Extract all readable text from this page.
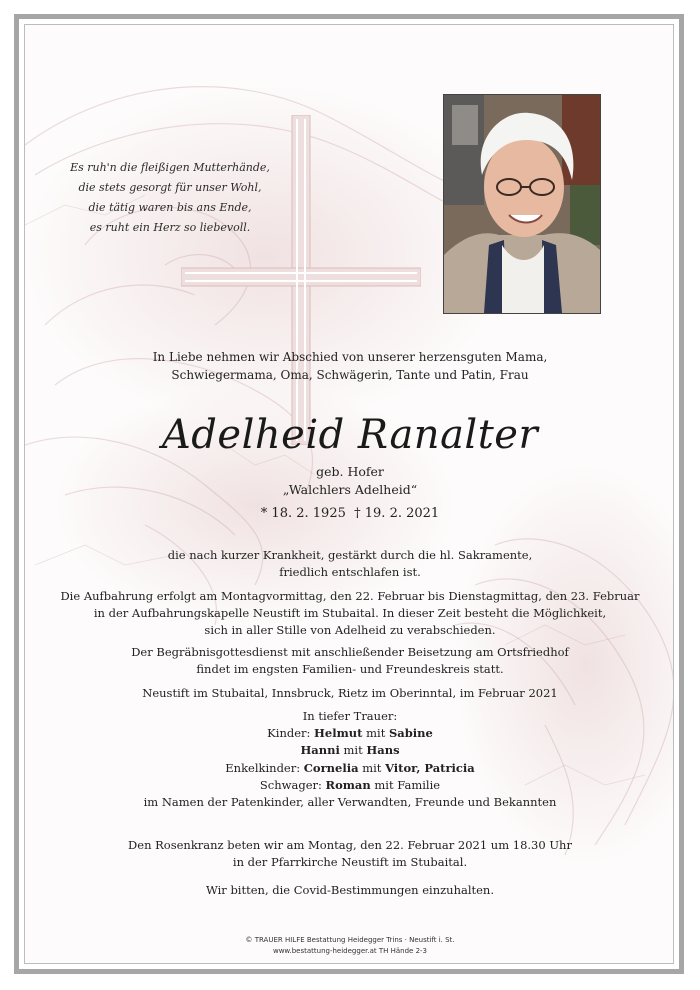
Es ruh'n die fleißigen Mutterhände,
die stets gesorgt für unser Wohl,
die tätig waren bis ans Ende,
es ruht ein Herz so liebevoll.
In Liebe nehmen wir Abschied von unserer herzensguten Mama,
Schwiegermama, Oma, Schwägerin, Tante und Patin, Frau
Adelheid Ranalter
geb. Hofer
„Walchlers Adelheid“
* 18. 2. 1925 † 19. 2. 2021
die nach kurzer Krankheit, gestärkt durch die hl. Sakramente,
friedlich entschlafen ist.
Die Aufbahrung erfolgt am Montagvormittag, den 22. Februar bis Dienstagmittag, den 23. Februar
in der Aufbahrungskapelle Neustift im Stubaital. In dieser Zeit besteht die Möglichkeit,
sich in aller Stille von Adelheid zu verabschieden.
Der Begräbnisgottesdienst mit anschließender Beisetzung am Ortsfriedhof
findet im engsten Familien- und Freundeskreis statt.
Neustift im Stubaital, Innsbruck, Rietz im Oberinntal, im Februar 2021
In tiefer Trauer:
Kinder: Helmut mit Sabine
Hanni mit Hans
Enkelkinder: Cornelia mit Vitor, Patricia
Schwager: Roman mit Familie
im Namen der Patenkinder, aller Verwandten, Freunde und Bekannten
Den Rosenkranz beten wir am Montag, den 22. Februar 2021 um 18.30 Uhr
in der Pfarrkirche Neustift im Stubaital.
Wir bitten, die Covid-Bestimmungen einzuhalten.
© TRAUER HILFE Bestattung Heidegger Trins · Neustift i. St.
www.bestattung-heidegger.at TH Hände 2-3
